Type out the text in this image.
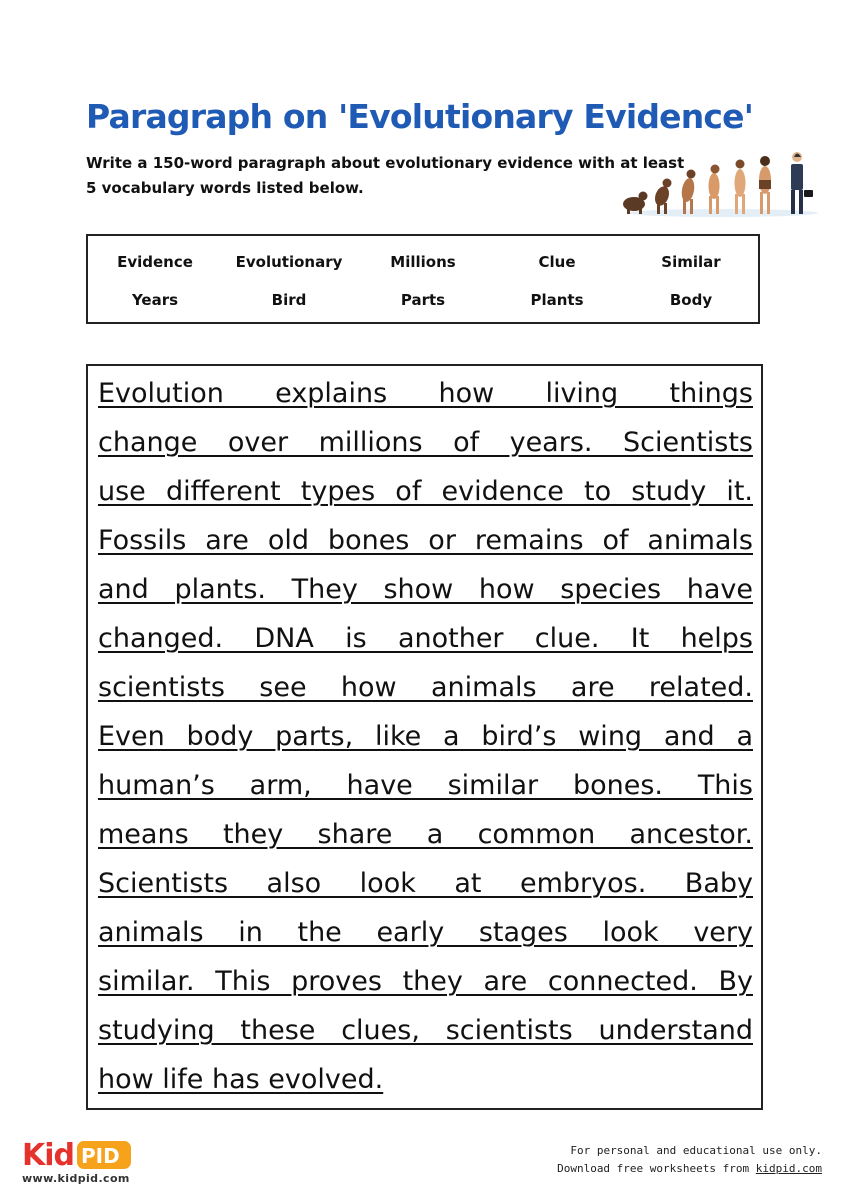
Paragraph on 'Evolutionary Evidence'
Write a 150-word paragraph about evolutionary evidence with at least
5 vocabulary words listed below.
Evidence	Evolutionary	Millions	Clue	Similar
Years	Bird	Parts	Plants	Body
Evolution explains how living things
change over millions of years. Scientists
use different types of evidence to study it.
Fossils are old bones or remains of animals
and plants. They show how species have
changed. DNA is another clue. It helps
scientists see how animals are related.
Even body parts, like a bird’s wing and a
human’s arm, have similar bones. This
means they share a common ancestor.
Scientists also look at embryos. Baby
animals in the early stages look very
similar. This proves they are connected. By
studying these clues, scientists understand
how life has evolved.
Kid PID
www.kidpid.com
For personal and educational use only.
Download free worksheets from kidpid.com
